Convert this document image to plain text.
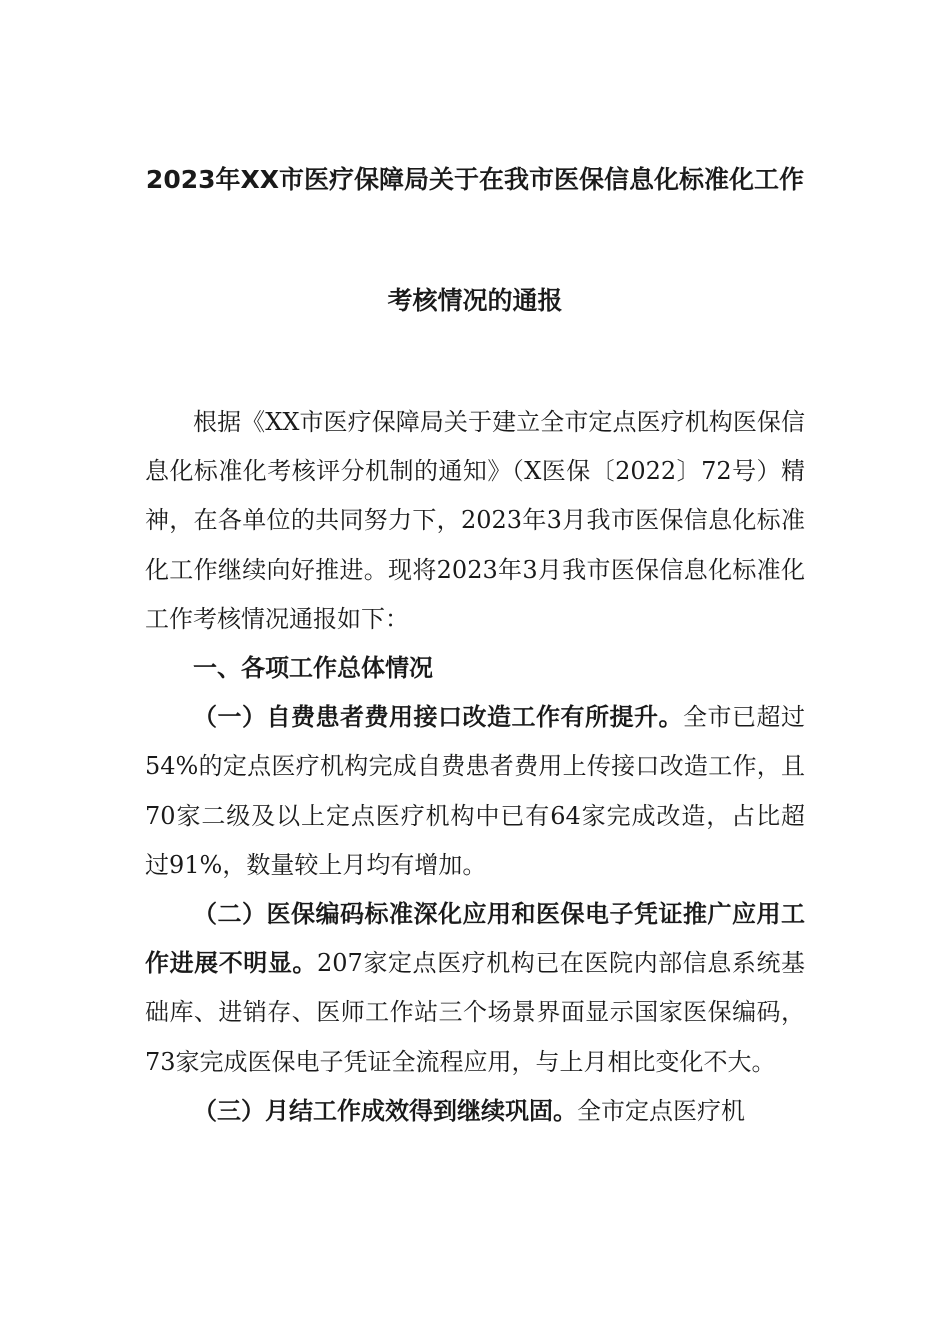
2023年XX市医疗保障局关于在我市医保信息化标准化工作
考核情况的通报

根据《XX市医疗保障局关于建立全市定点医疗机构医保信息化标准化考核评分机制的通知》（X医保〔2022〕72号）精神，在各单位的共同努力下，2023年3月我市医保信息化标准化工作继续向好推进。现将2023年3月我市医保信息化标准化工作考核情况通报如下：

一、各项工作总体情况

（一）自费患者费用接口改造工作有所提升。全市已超过54%的定点医疗机构完成自费患者费用上传接口改造工作，且70家二级及以上定点医疗机构中已有64家完成改造，占比超过91%，数量较上月均有增加。

（二）医保编码标准深化应用和医保电子凭证推广应用工作进展不明显。207家定点医疗机构已在医院内部信息系统基础库、进销存、医师工作站三个场景界面显示国家医保编码，73家完成医保电子凭证全流程应用，与上月相比变化不大。

（三）月结工作成效得到继续巩固。全市定点医疗机
